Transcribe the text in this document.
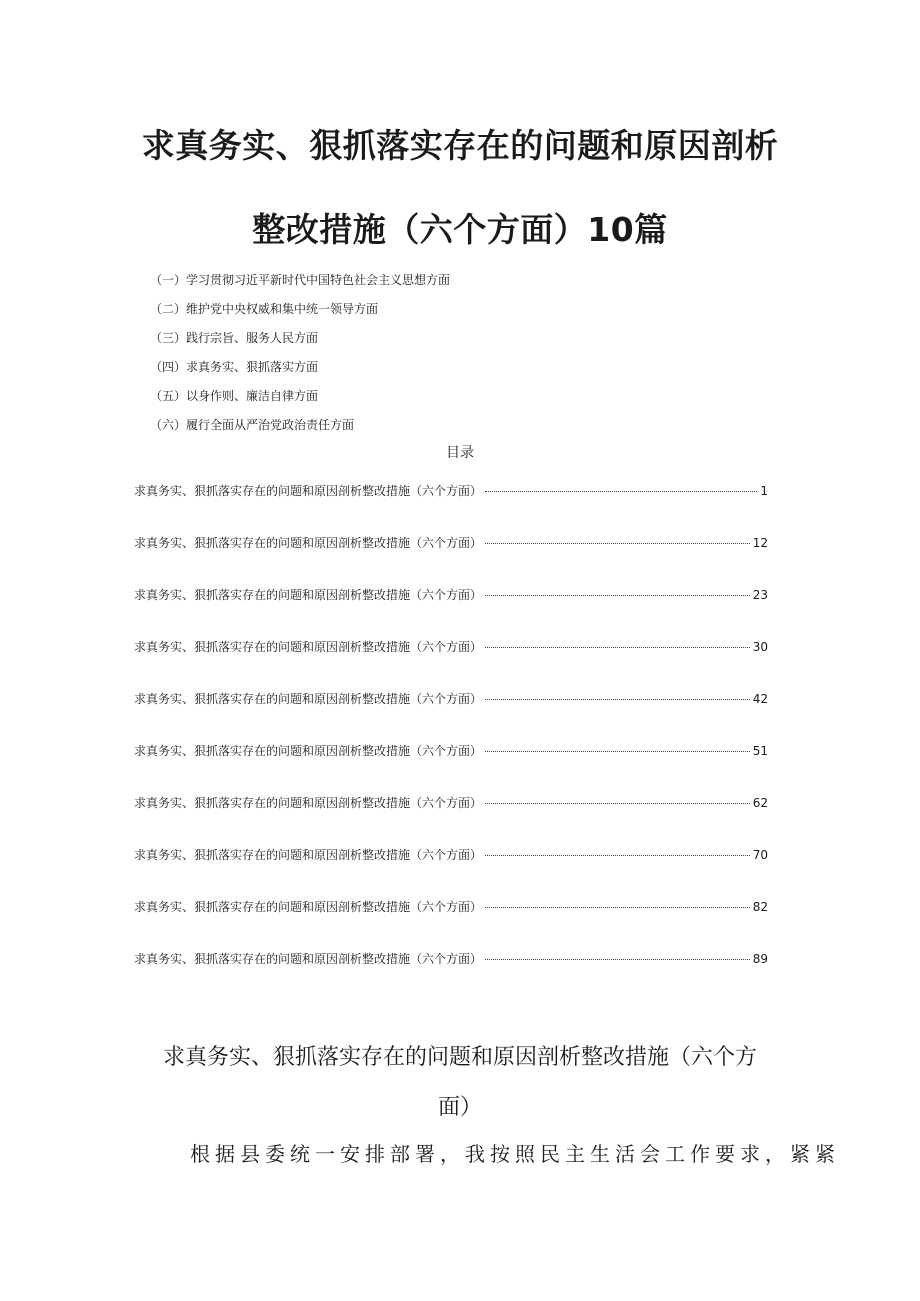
求真务实、狠抓落实存在的问题和原因剖析
整改措施（六个方面）10篇
（一）学习贯彻习近平新时代中国特色社会主义思想方面
（二）维护党中央权威和集中统一领导方面
（三）践行宗旨、服务人民方面
（四）求真务实、狠抓落实方面
（五）以身作则、廉洁自律方面
（六）履行全面从严治党政治责任方面
目录
求真务实、狠抓落实存在的问题和原因剖析整改措施（六个方面）	1
求真务实、狠抓落实存在的问题和原因剖析整改措施（六个方面）	12
求真务实、狠抓落实存在的问题和原因剖析整改措施（六个方面）	23
求真务实、狠抓落实存在的问题和原因剖析整改措施（六个方面）	30
求真务实、狠抓落实存在的问题和原因剖析整改措施（六个方面）	42
求真务实、狠抓落实存在的问题和原因剖析整改措施（六个方面）	51
求真务实、狠抓落实存在的问题和原因剖析整改措施（六个方面）	62
求真务实、狠抓落实存在的问题和原因剖析整改措施（六个方面）	70
求真务实、狠抓落实存在的问题和原因剖析整改措施（六个方面）	82
求真务实、狠抓落实存在的问题和原因剖析整改措施（六个方面）	89
求真务实、狠抓落实存在的问题和原因剖析整改措施（六个方
面）
根据县委统一安排部署，我按照民主生活会工作要求，紧紧
